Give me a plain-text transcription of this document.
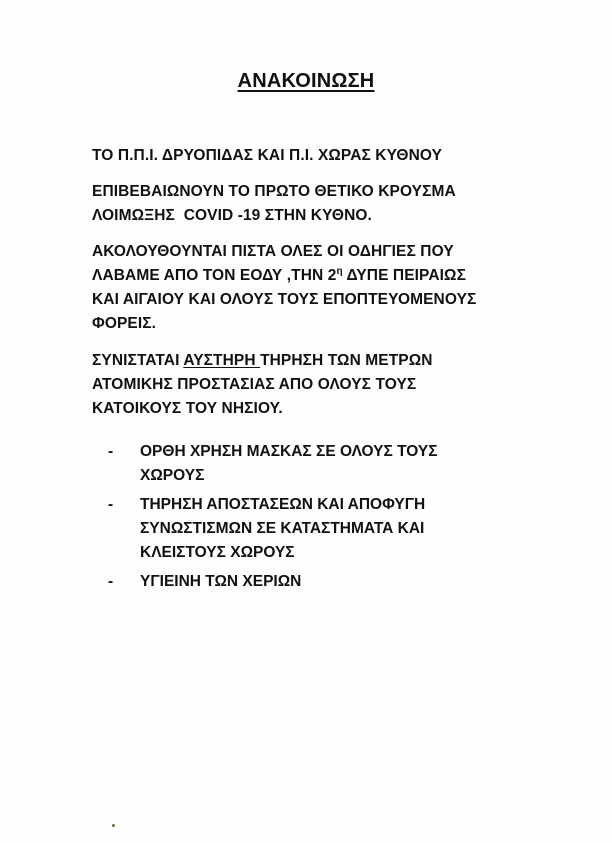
ΑΝΑΚΟΙΝΩΣΗ
ΤΟ Π.Π.Ι. ΔΡΥΟΠΙΔΑΣ ΚΑΙ Π.Ι. ΧΩΡΑΣ ΚΥΘΝΟΥ
ΕΠΙΒΕΒΑΙΩΝΟΥΝ ΤΟ ΠΡΩΤΟ ΘΕΤΙΚΟ ΚΡΟΥΣΜΑ
ΛΟΙΜΩΞΗΣ  COVID -19 ΣΤΗΝ ΚΥΘΝΟ.
ΑΚΟΛΟΥΘΟΥΝΤΑΙ ΠΙΣΤΑ ΟΛΕΣ ΟΙ ΟΔΗΓΙΕΣ ΠΟΥ
ΛΑΒΑΜΕ ΑΠΟ ΤΟΝ ΕΟΔΥ ,ΤΗΝ $2^\eta$ ΔΥΠΕ ΠΕΙΡΑΙΩΣ
ΚΑΙ ΑΙΓΑΙΟΥ ΚΑΙ ΟΛΟΥΣ ΤΟΥΣ ΕΠΟΠΤΕΥΟΜΕΝΟΥΣ
ΦΟΡΕΙΣ.
ΣΥΝΙΣΤΑΤΑΙ ΑΥΣΤΗΡΗ ΤΗΡΗΣΗ ΤΩΝ ΜΕΤΡΩΝ
ΑΤΟΜΙΚΗΣ ΠΡΟΣΤΑΣΙΑΣ ΑΠΟ ΟΛΟΥΣ ΤΟΥΣ
ΚΑΤΟΙΚΟΥΣ ΤΟΥ ΝΗΣΙΟΥ.
- ΟΡΘΗ ΧΡΗΣΗ ΜΑΣΚΑΣ ΣΕ ΟΛΟΥΣ ΤΟΥΣ
ΧΩΡΟΥΣ
- ΤΗΡΗΣΗ ΑΠΟΣΤΑΣΕΩΝ ΚΑΙ ΑΠΟΦΥΓΗ
ΣΥΝΩΣΤΙΣΜΩΝ ΣΕ ΚΑΤΑΣΤΗΜΑΤΑ ΚΑΙ
ΚΛΕΙΣΤΟΥΣ ΧΩΡΟΥΣ
- ΥΓΙΕΙΝΗ ΤΩΝ ΧΕΡΙΩΝ
